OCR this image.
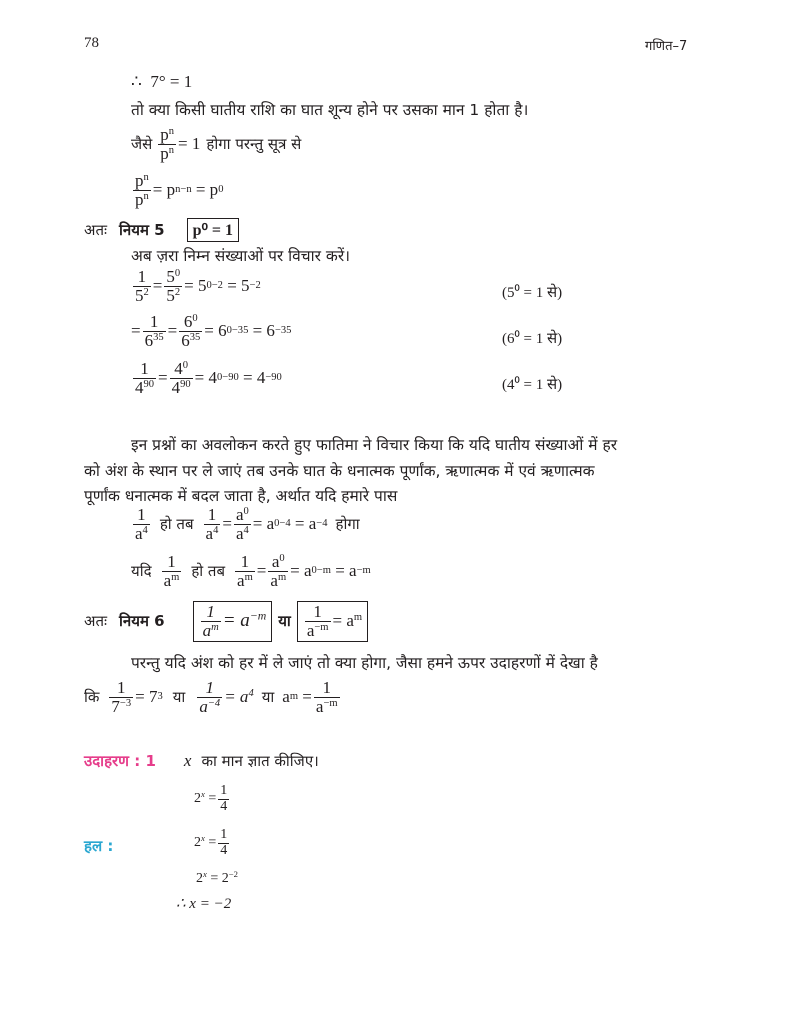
78	गणित–7
∴ 7° = 1
तो क्या किसी घातीय राशि का घात शून्य होने पर उसका मान 1 होता है।
जैसे $\frac{p^n}{p^n} = 1$ होगा परन्तु सूत्र से
$\frac{p^n}{p^n} = p$ n−n
= p 0
अतः नियम 5	p⁰ = 1
अब ज़रा निम्न संख्याओं पर विचार करें।
$\frac{1}{5^2} = \frac{5^0}{5^2} = 5$ 0−2
= 5 −2	(5⁰ = 1 से)
= $\frac{1}{6^{35}} = \frac{6^0}{6^{35}} = 6$ 0−35
= 6 −35
(6⁰ = 1 से)
$\frac{1}{4^{90}} = \frac{4^0}{4^{90}} = 4$ 0−90
= 4 −90	(4⁰ = 1 से)
इन प्रश्नों का अवलोकन करते हुए फातिमा ने विचार किया कि यदि घातीय संख्याओं में हर
को अंश के स्थान पर ले जाएं तब उनके घात के धनात्मक पूर्णांक, ऋणात्मक में एवं ऋणात्मक
पूर्णांक धनात्मक में बदल जाता है, अर्थात यदि हमारे पास
$\frac{1}{a^4}$ हो तब $\frac{1}{a^4} = \frac{a^0}{a^4} = a$ 0−4
= a −4 होगा
यदि $\frac{1}{a^m}$ हो तब $\frac{1}{a^m} = \frac{a^0}{a^m} = a$ 0−m
= a −m
अतः नियम $6 \frac{1}{a^m} = a^{-m}$ या $\frac{1}{a^{-m}} = a^m$
परन्तु यदि अंश को हर में ले जाएं तो क्या होगा, जैसा हमने ऊपर उदाहरणों में देखा है
कि $\frac{1}{7^{-3}} = 7$ 3 या $\frac{1}{a^{-4}} = a^4$ या a m
= $\frac{1}{a^{-m}}$
उदाहरण : 1 x का मान ज्ञात कीजिए।
2$^x$
= $\frac{1}{4}$
हल :	2$^x$
= $\frac{1}{4}$
$2^x = 2^{-2}$
∴ x = −2
